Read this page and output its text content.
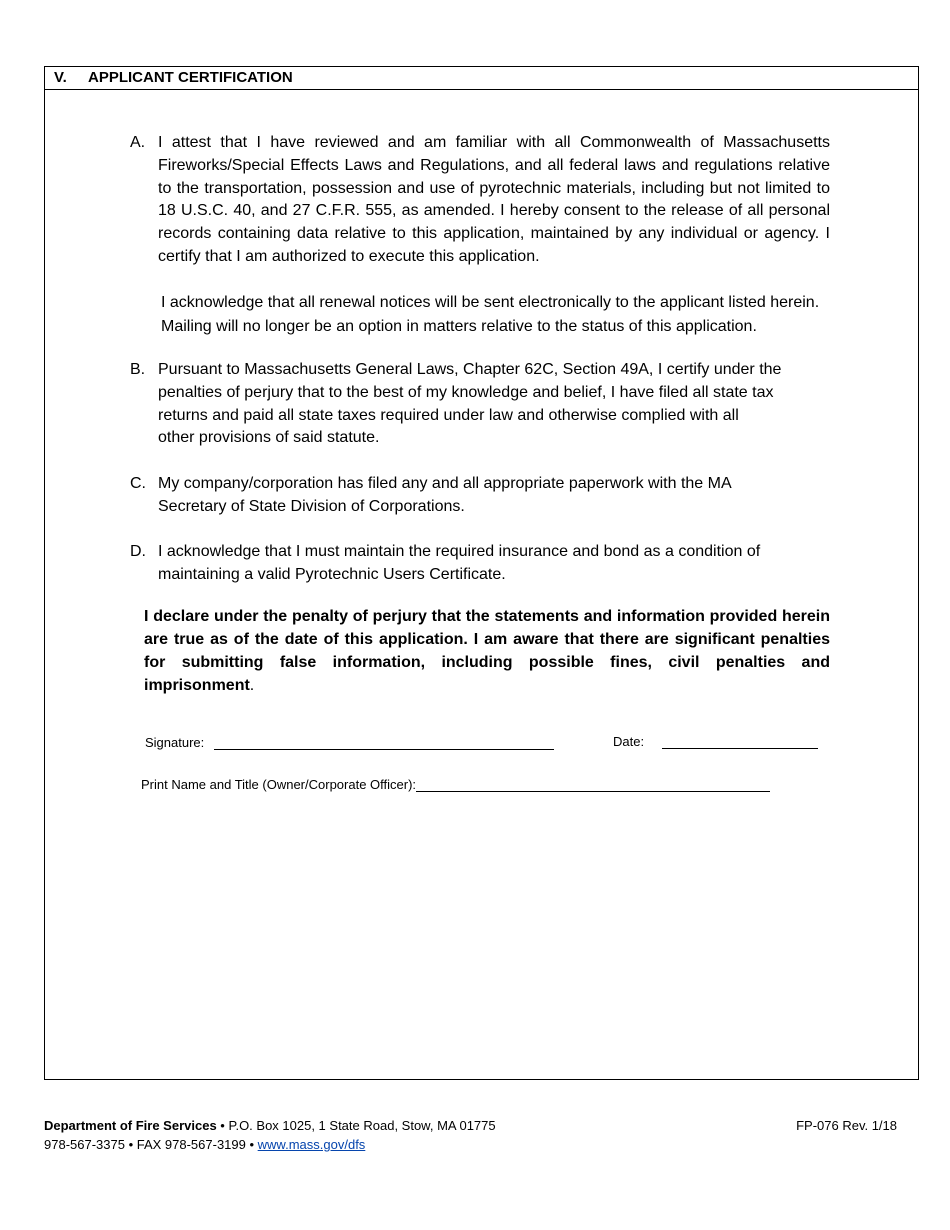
V. APPLICANT CERTIFICATION
A. I attest that I have reviewed and am familiar with all Commonwealth of Massachusetts Fireworks/Special Effects Laws and Regulations, and all federal laws and regulations relative to the transportation, possession and use of pyrotechnic materials, including but not limited to 18 U.S.C. 40, and 27 C.F.R. 555, as amended. I hereby consent to the release of all personal records containing data relative to this application, maintained by any individual or agency. I certify that I am authorized to execute this application.
I acknowledge that all renewal notices will be sent electronically to the applicant listed herein.
Mailing will no longer be an option in matters relative to the status of this application.
B. Pursuant to Massachusetts General Laws, Chapter 62C, Section 49A, I certify under the
penalties of perjury that to the best of my knowledge and belief, I have filed all state tax
returns and paid all state taxes required under law and otherwise complied with all
other provisions of said statute.
C. My company/corporation has filed any and all appropriate paperwork with the MA
Secretary of State Division of Corporations.
D. I acknowledge that I must maintain the required insurance and bond as a condition of
maintaining a valid Pyrotechnic Users Certificate.
I declare under the penalty of perjury that the statements and information provided herein are true as of the date of this application. I am aware that there are significant penalties for submitting false information, including possible fines, civil penalties and imprisonment.
Signature:	Date:
Print Name and Title (Owner/Corporate Officer):
Department of Fire Services • P.O. Box 1025, 1 State Road, Stow, MA 01775
978-567-3375 • FAX 978-567-3199 • www.mass.gov/dfs
FP-076 Rev. 1/18
